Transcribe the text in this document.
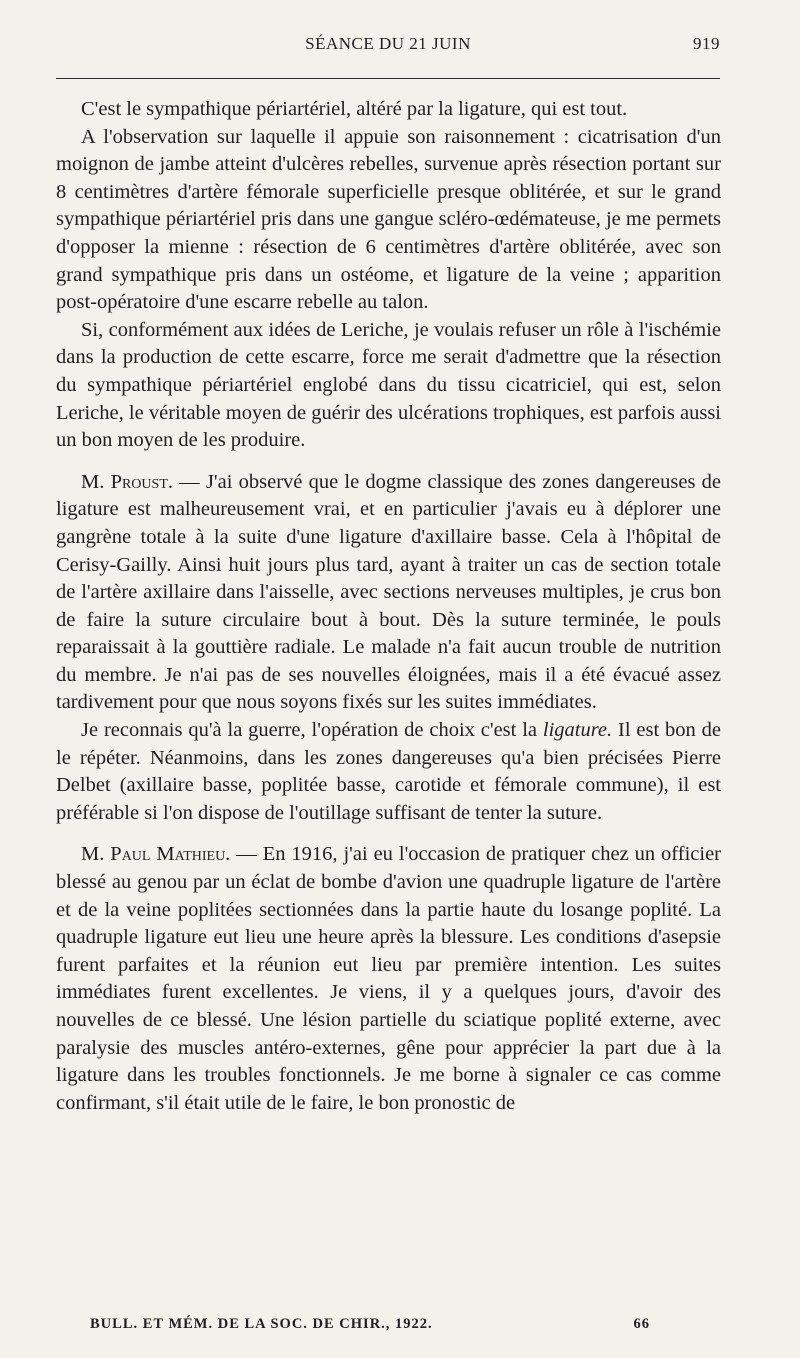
SÉANCE DU 21 JUIN	919

C'est le sympathique périartériel, altéré par la ligature, qui est tout.

A l'observation sur laquelle il appuie son raisonnement : cicatrisation d'un moignon de jambe atteint d'ulcères rebelles, survenue après résection portant sur 8 centimètres d'artère fémorale superficielle presque oblitérée, et sur le grand sympathique périartériel pris dans une gangue scléro-œdémateuse, je me permets d'opposer la mienne : résection de 6 centimètres d'artère oblitérée, avec son grand sympathique pris dans un ostéome, et ligature de la veine ; apparition post-opératoire d'une escarre rebelle au talon.

Si, conformément aux idées de Leriche, je voulais refuser un rôle à l'ischémie dans la production de cette escarre, force me serait d'admettre que la résection du sympathique périartériel englobé dans du tissu cicatriciel, qui est, selon Leriche, le véritable moyen de guérir des ulcérations trophiques, est parfois aussi un bon moyen de les produire.

M. Proust. — J'ai observé que le dogme classique des zones dangereuses de ligature est malheureusement vrai, et en particulier j'avais eu à déplorer une gangrène totale à la suite d'une ligature d'axillaire basse. Cela à l'hôpital de Cerisy-Gailly. Ainsi huit jours plus tard, ayant à traiter un cas de section totale de l'artère axillaire dans l'aisselle, avec sections nerveuses multiples, je crus bon de faire la suture circulaire bout à bout. Dès la suture terminée, le pouls reparaissait à la gouttière radiale. Le malade n'a fait aucun trouble de nutrition du membre. Je n'ai pas de ses nouvelles éloignées, mais il a été évacué assez tardivement pour que nous soyons fixés sur les suites immédiates.

Je reconnais qu'à la guerre, l'opération de choix c'est la ligature. Il est bon de le répéter. Néanmoins, dans les zones dangereuses qu'a bien précisées Pierre Delbet (axillaire basse, poplitée basse, carotide et fémorale commune), il est préférable si l'on dispose de l'outillage suffisant de tenter la suture.

M. Paul Mathieu. — En 1916, j'ai eu l'occasion de pratiquer chez un officier blessé au genou par un éclat de bombe d'avion une quadruple ligature de l'artère et de la veine poplitées sectionnées dans la partie haute du losange poplité. La quadruple ligature eut lieu une heure après la blessure. Les conditions d'asepsie furent parfaites et la réunion eut lieu par première intention. Les suites immédiates furent excellentes. Je viens, il y a quelques jours, d'avoir des nouvelles de ce blessé. Une lésion partielle du sciatique poplité externe, avec paralysie des muscles antéro-externes, gêne pour apprécier la part due à la ligature dans les troubles fonctionnels. Je me borne à signaler ce cas comme confirmant, s'il était utile de le faire, le bon pronostic de

BULL. ET MÉM. DE LA SOC. DE CHIR., 1922.	66
